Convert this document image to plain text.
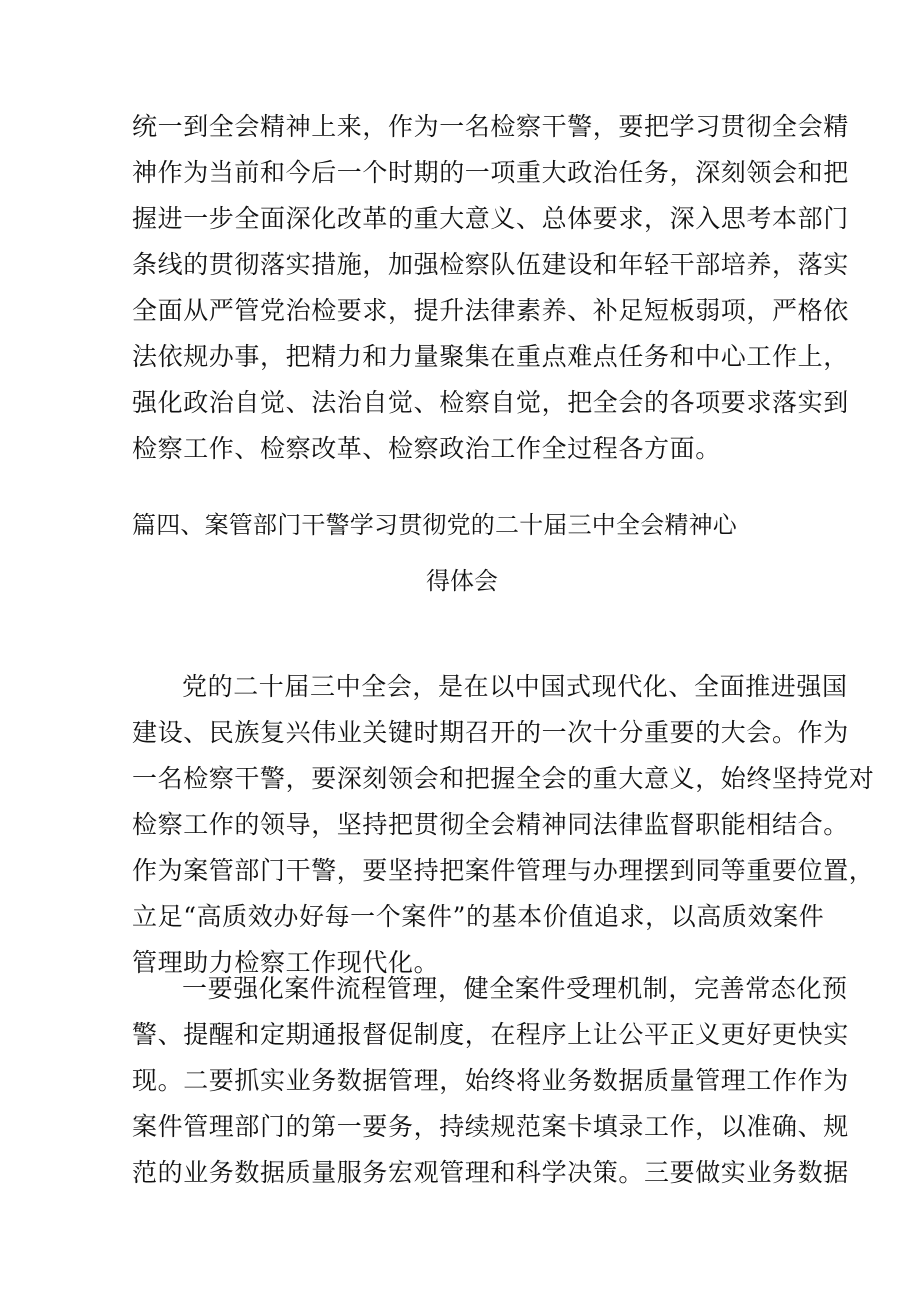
统一到全会精神上来，作为一名检察干警，要把学习贯彻全会精
神作为当前和今后一个时期的一项重大政治任务，深刻领会和把
握进一步全面深化改革的重大意义、总体要求，深入思考本部门
条线的贯彻落实措施，加强检察队伍建设和年轻干部培养，落实
全面从严管党治检要求，提升法律素养、补足短板弱项，严格依
法依规办事，把精力和力量聚集在重点难点任务和中心工作上，
强化政治自觉、法治自觉、检察自觉，把全会的各项要求落实到
检察工作、检察改革、检察政治工作全过程各方面。
篇四、案管部门干警学习贯彻党的二十届三中全会精神心
得体会
党的二十届三中全会，是在以中国式现代化、全面推进强国
建设、民族复兴伟业关键时期召开的一次十分重要的大会。作为
一名检察干警，要深刻领会和把握全会的重大意义，始终坚持党对
检察工作的领导，坚持把贯彻全会精神同法律监督职能相结合。
作为案管部门干警，要坚持把案件管理与办理摆到同等重要位置，
立足“高质效办好每一个案件”的基本价值追求，以高质效案件
管理助力检察工作现代化。
一要强化案件流程管理，健全案件受理机制，完善常态化预
警、提醒和定期通报督促制度，在程序上让公平正义更好更快实
现。二要抓实业务数据管理，始终将业务数据质量管理工作作为
案件管理部门的第一要务，持续规范案卡填录工作，以准确、规
范的业务数据质量服务宏观管理和科学决策。三要做实业务数据
